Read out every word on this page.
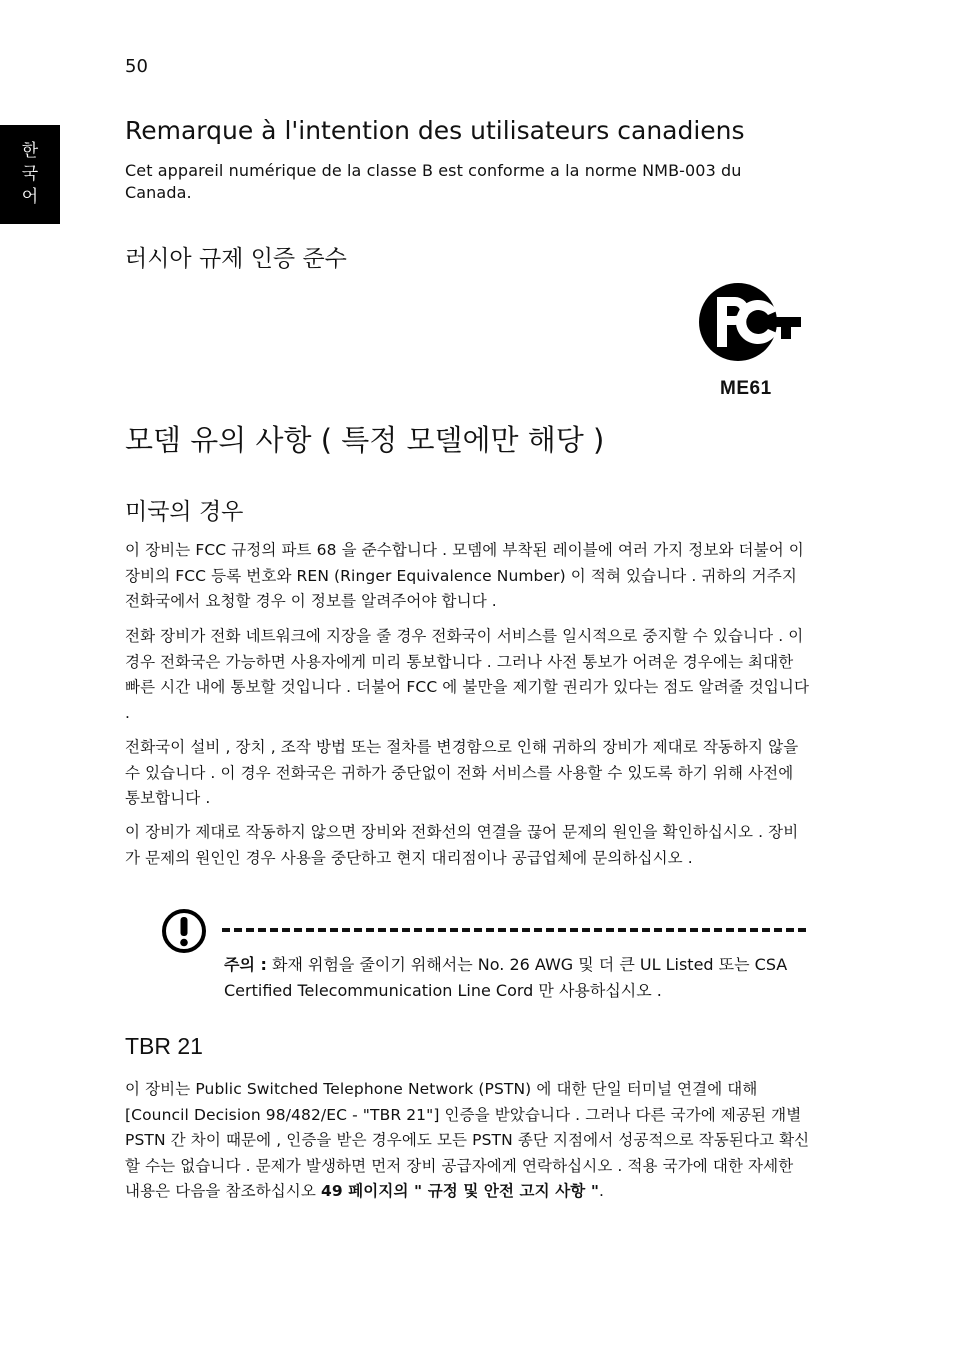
50
한
국
어
Remarque à l'intention des utilisateurs canadiens
Cet appareil numérique de la classe B est conforme a la norme NMB-003 du Canada.
러시아 규제 인증 준수
ME61
모뎀 유의 사항 ( 특정 모델에만 해당 )
미국의 경우
이 장비는 FCC 규정의 파트 68 을 준수합니다 . 모뎀에 부착된 레이블에 여러 가지 정보와 더불어 이 장비의 FCC 등록 번호와 REN (Ringer Equivalence Number) 이 적혀 있습니다 . 귀하의 거주지 전화국에서 요청할 경우 이 정보를 알려주어야 합니다 .
전화 장비가 전화 네트워크에 지장을 줄 경우 전화국이 서비스를 일시적으로 중지할 수 있습니다 . 이 경우 전화국은 가능하면 사용자에게 미리 통보합니다 . 그러나 사전 통보가 어려운 경우에는 최대한 빠른 시간 내에 통보할 것입니다 . 더불어 FCC 에 불만을 제기할 권리가 있다는 점도 알려줄 것입니다 .
전화국이 설비 , 장치 , 조작 방법 또는 절차를 변경함으로 인해 귀하의 장비가 제대로 작동하지 않을 수 있습니다 . 이 경우 전화국은 귀하가 중단없이 전화 서비스를 사용할 수 있도록 하기 위해 사전에 통보합니다 .
이 장비가 제대로 작동하지 않으면 장비와 전화선의 연결을 끊어 문제의 원인을 확인하십시오 . 장비가 문제의 원인인 경우 사용을 중단하고 현지 대리점이나 공급업체에 문의하십시오 .
주의 : 화재 위험을 줄이기 위해서는 No. 26 AWG 및 더 큰 UL Listed 또는 CSA Certified Telecommunication Line Cord 만 사용하십시오 .
TBR 21
이 장비는 Public Switched Telephone Network (PSTN) 에 대한 단일 터미널 연결에 대해 [Council Decision 98/482/EC - "TBR 21"] 인증을 받았습니다 . 그러나 다른 국가에 제공된 개별 PSTN 간 차이 때문에 , 인증을 받은 경우에도 모든 PSTN 종단 지점에서 성공적으로 작동된다고 확신할 수는 없습니다 . 문제가 발생하면 먼저 장비 공급자에게 연락하십시오 . 적용 국가에 대한 자세한 내용은 다음을 참조하십시오 49 페이지의 " 규정 및 안전 고지 사항 ".
